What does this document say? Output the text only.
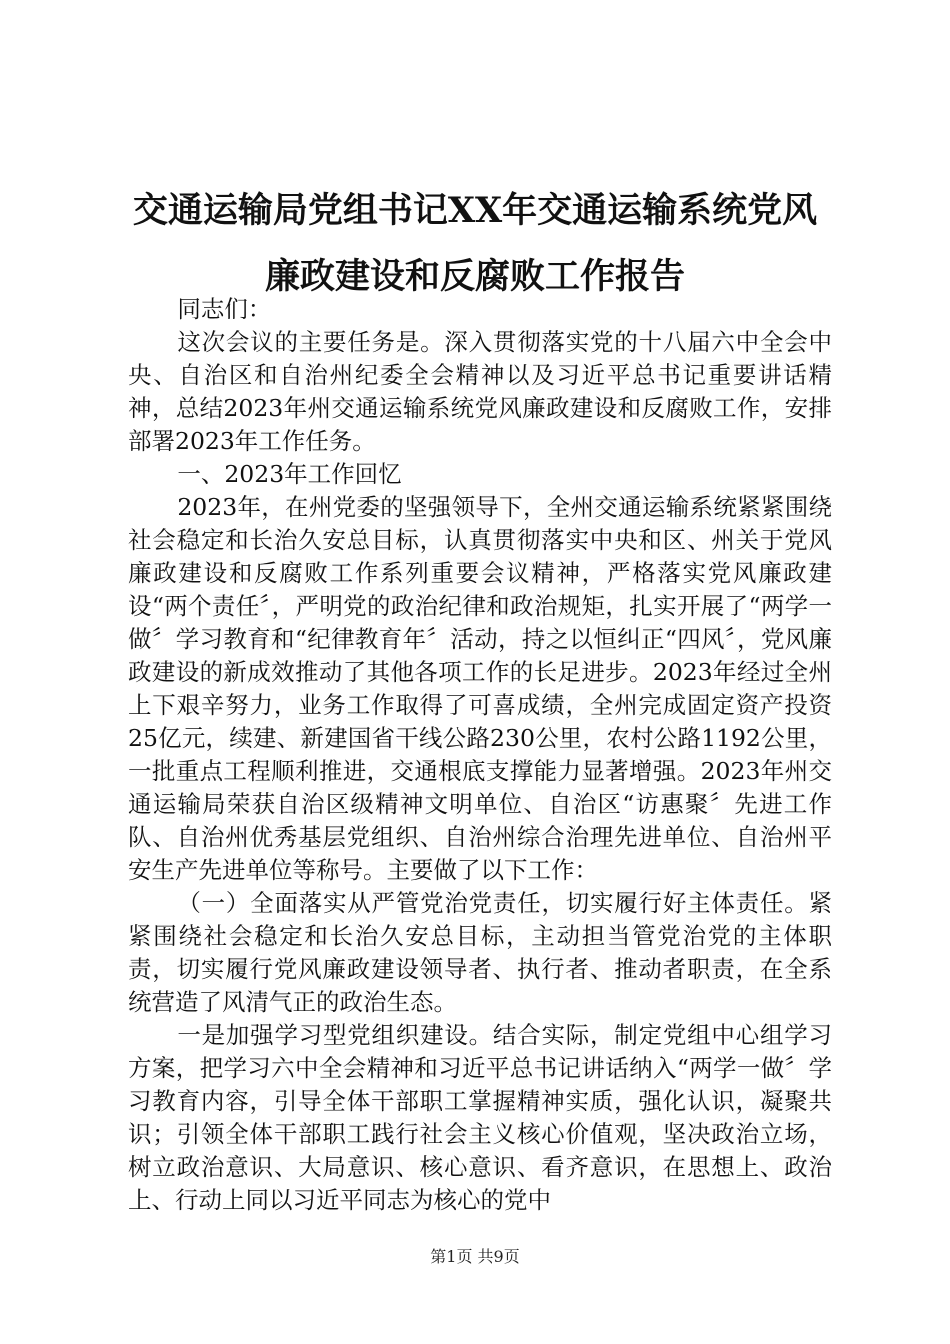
交通运输局党组书记XX年交通运输系统党风
廉政建设和反腐败工作报告

同志们：

这次会议的主要任务是。深入贯彻落实党的十八届六中全会中央、自治区和自治州纪委全会精神以及习近平总书记重要讲话精神，总结2023年州交通运输系统党风廉政建设和反腐败工作，安排部署2023年工作任务。

一、2023年工作回忆

2023年，在州党委的坚强领导下，全州交通运输系统紧紧围绕社会稳定和长治久安总目标，认真贯彻落实中央和区、州关于党风廉政建设和反腐败工作系列重要会议精神，严格落实党风廉政建设“两个责任〞，严明党的政治纪律和政治规矩，扎实开展了“两学一做〞学习教育和“纪律教育年〞活动，持之以恒纠正“四风〞，党风廉政建设的新成效推动了其他各项工作的长足进步。2023年经过全州上下艰辛努力，业务工作取得了可喜成绩，全州完成固定资产投资25亿元，续建、新建国省干线公路230公里，农村公路1192公里，一批重点工程顺利推进，交通根底支撑能力显著增强。2023年州交通运输局荣获自治区级精神文明单位、自治区“访惠聚〞先进工作队、自治州优秀基层党组织、自治州综合治理先进单位、自治州平安生产先进单位等称号。主要做了以下工作：

（一）全面落实从严管党治党责任，切实履行好主体责任。紧紧围绕社会稳定和长治久安总目标，主动担当管党治党的主体职责，切实履行党风廉政建设领导者、执行者、推动者职责，在全系统营造了风清气正的政治生态。

一是加强学习型党组织建设。结合实际，制定党组中心组学习方案，把学习六中全会精神和习近平总书记讲话纳入“两学一做〞学习教育内容，引导全体干部职工掌握精神实质，强化认识，凝聚共识；引领全体干部职工践行社会主义核心价值观，坚决政治立场，树立政治意识、大局意识、核心意识、看齐意识，在思想上、政治上、行动上同以习近平同志为核心的党中

第1页 共9页
